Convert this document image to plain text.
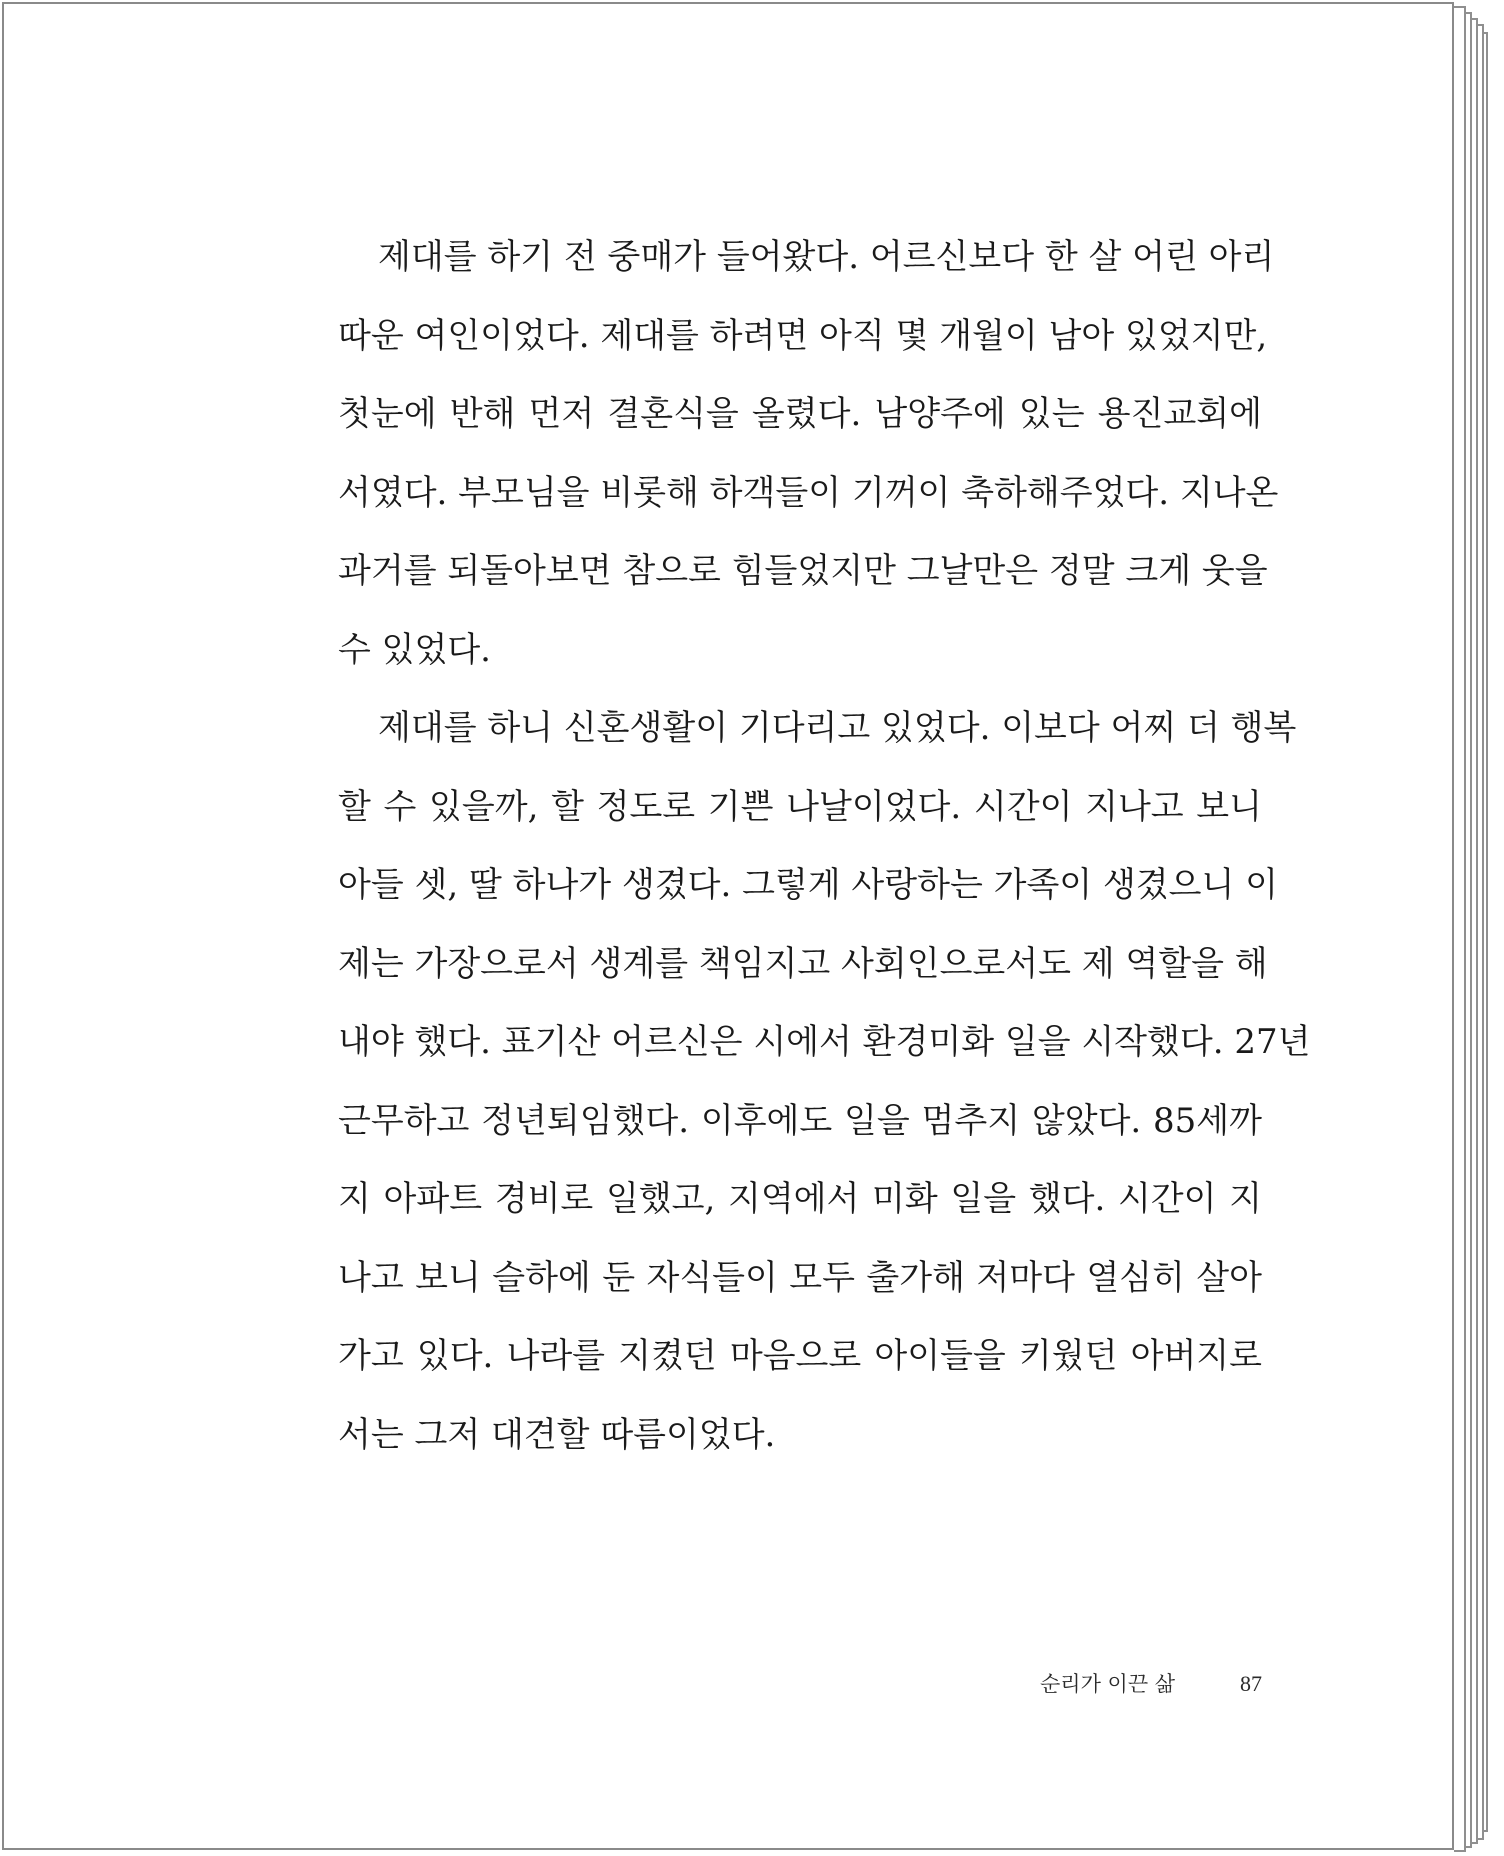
제대를 하기 전 중매가 들어왔다. 어르신보다 한 살 어린 아리
따운 여인이었다. 제대를 하려면 아직 몇 개월이 남아 있었지만,
첫눈에 반해 먼저 결혼식을 올렸다. 남양주에 있는 용진교회에
서였다. 부모님을 비롯해 하객들이 기꺼이 축하해주었다. 지나온
과거를 되돌아보면 참으로 힘들었지만 그날만은 정말 크게 웃을
수 있었다.
제대를 하니 신혼생활이 기다리고 있었다. 이보다 어찌 더 행복
할 수 있을까, 할 정도로 기쁜 나날이었다. 시간이 지나고 보니
아들 셋, 딸 하나가 생겼다. 그렇게 사랑하는 가족이 생겼으니 이
제는 가장으로서 생계를 책임지고 사회인으로서도 제 역할을 해
내야 했다. 표기산 어르신은 시에서 환경미화 일을 시작했다. 27년
근무하고 정년퇴임했다. 이후에도 일을 멈추지 않았다. 85세까
지 아파트 경비로 일했고, 지역에서 미화 일을 했다. 시간이 지
나고 보니 슬하에 둔 자식들이 모두 출가해 저마다 열심히 살아
가고 있다. 나라를 지켰던 마음으로 아이들을 키웠던 아버지로
서는 그저 대견할 따름이었다.
순리가 이끈 삶	87
